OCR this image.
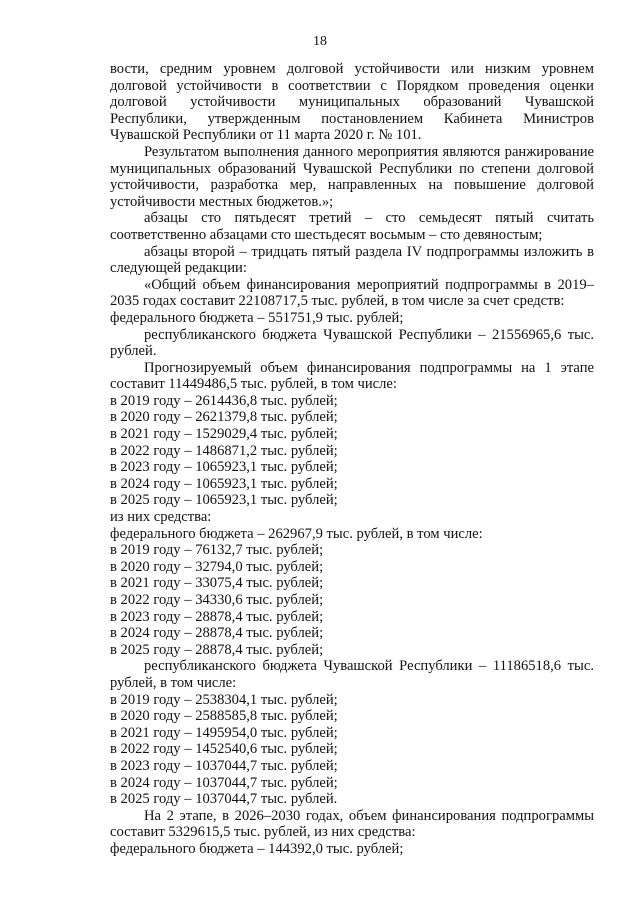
18

вости, средним уровнем долговой устойчивости или низким уровнем долговой устойчивости в соответствии с Порядком проведения оценки долговой устойчивости муниципальных образований Чувашской Республики, утвержденным постановлением Кабинета Министров Чувашской Республики от 11 марта 2020 г. № 101.

Результатом выполнения данного мероприятия являются ранжирование муниципальных образований Чувашской Республики по степени долговой устойчивости, разработка мер, направленных на повышение долговой устойчивости местных бюджетов.»;

абзацы сто пятьдесят третий – сто семьдесят пятый считать соответственно абзацами сто шестьдесят восьмым – сто девяностым;

абзацы второй – тридцать пятый раздела IV подпрограммы изложить в следующей редакции:

«Общий объем финансирования мероприятий подпрограммы в 2019–2035 годах составит 22108717,5 тыс. рублей, в том числе за счет средств:

федерального бюджета – 551751,9 тыс. рублей;

республиканского бюджета Чувашской Республики – 21556965,6 тыс. рублей.

Прогнозируемый объем финансирования подпрограммы на 1 этапе составит 11449486,5 тыс. рублей, в том числе:

в 2019 году – 2614436,8 тыс. рублей;

в 2020 году – 2621379,8 тыс. рублей;

в 2021 году – 1529029,4 тыс. рублей;

в 2022 году – 1486871,2 тыс. рублей;

в 2023 году – 1065923,1 тыс. рублей;

в 2024 году – 1065923,1 тыс. рублей;

в 2025 году – 1065923,1 тыс. рублей;

из них средства:

федерального бюджета – 262967,9 тыс. рублей, в том числе:

в 2019 году – 76132,7 тыс. рублей;

в 2020 году – 32794,0 тыс. рублей;

в 2021 году – 33075,4 тыс. рублей;

в 2022 году – 34330,6 тыс. рублей;

в 2023 году – 28878,4 тыс. рублей;

в 2024 году – 28878,4 тыс. рублей;

в 2025 году – 28878,4 тыс. рублей;

республиканского бюджета Чувашской Республики – 11186518,6 тыс. рублей, в том числе:

в 2019 году – 2538304,1 тыс. рублей;

в 2020 году – 2588585,8 тыс. рублей;

в 2021 году – 1495954,0 тыс. рублей;

в 2022 году – 1452540,6 тыс. рублей;

в 2023 году – 1037044,7 тыс. рублей;

в 2024 году – 1037044,7 тыс. рублей;

в 2025 году – 1037044,7 тыс. рублей.

На 2 этапе, в 2026–2030 годах, объем финансирования подпрограммы составит 5329615,5 тыс. рублей, из них средства:

федерального бюджета – 144392,0 тыс. рублей;
